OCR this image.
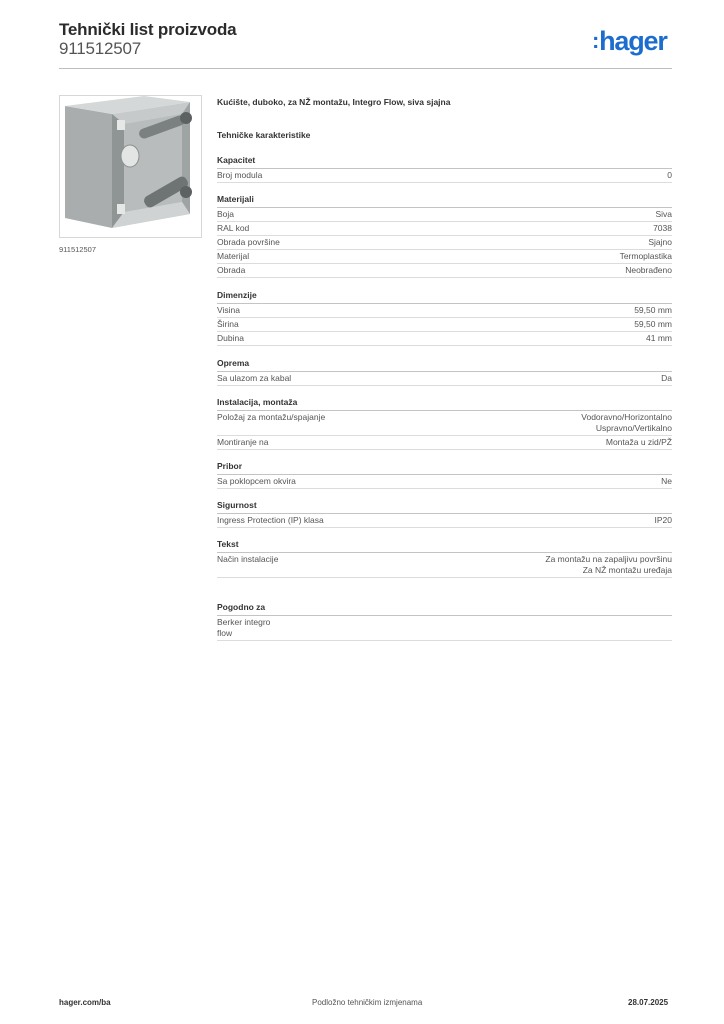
Tehnički list proizvoda
911512507	:hager
911512507
Kućište, duboko, za NŽ montažu, Integro Flow, siva sjajna
Tehničke karakteristike
Kapacitet
Broj modula	0
Materijali
Boja	Siva
RAL kod	7038
Obrada površine	Sjajno
Materijal	Termoplastika
Obrada	Neobrađeno
Dimenzije
Visina	59,50 mm
Širina	59,50 mm
Dubina	41 mm
Oprema
Sa ulazom za kabal	Da
Instalacija, montaža
Položaj za montažu/spajanje	Vodoravno/Horizontalno
Uspravno/Vertikalno
Montiranje na	Montaža u zid/PŽ
Pribor
Sa poklopcem okvira	Ne
Sigurnost
Ingress Protection (IP) klasa	IP20
Tekst
Način instalacije	Za montažu na zapaljivu površinu
Za NŽ montažu uređaja
Pogodno za
Berker integro
flow
hager.com/ba	Podložno tehničkim izmjenama	28.07.2025
